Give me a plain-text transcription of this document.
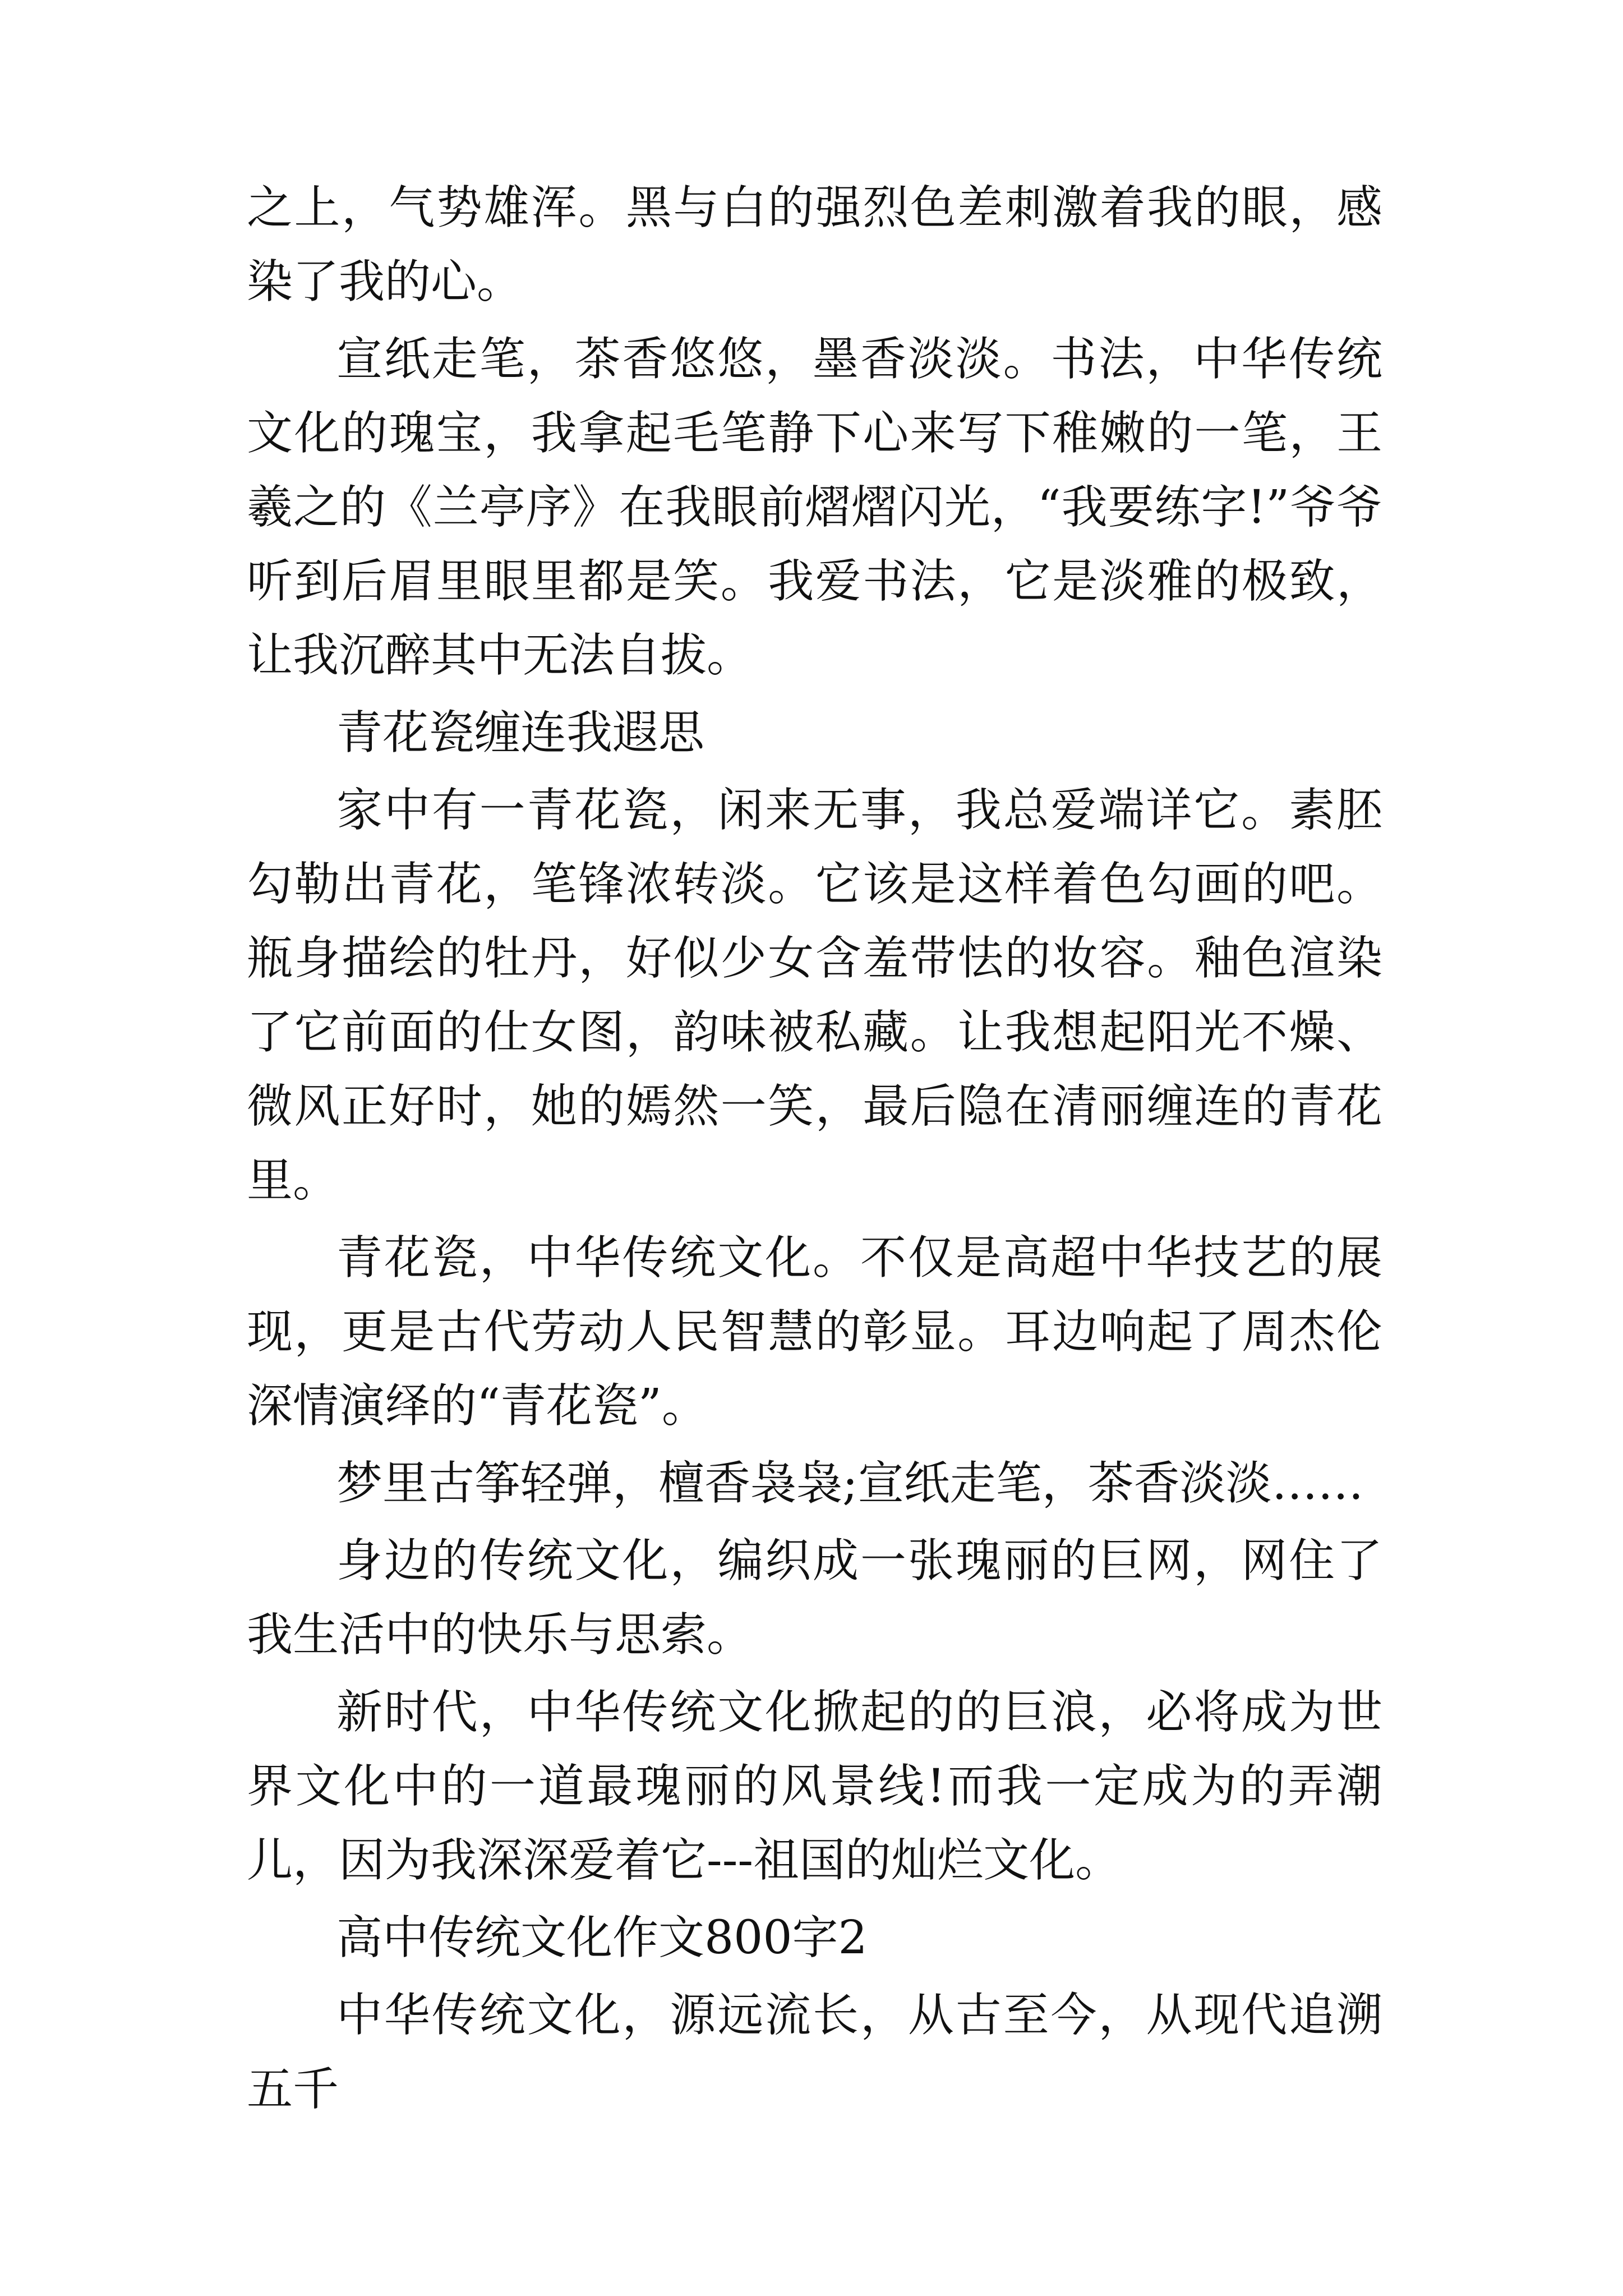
之上，气势雄浑。黑与白的强烈色差刺激着我的眼，感染了我的心。

宣纸走笔，茶香悠悠，墨香淡淡。书法，中华传统文化的瑰宝，我拿起毛笔静下心来写下稚嫩的一笔，王羲之的《兰亭序》在我眼前熠熠闪光，“我要练字!”爷爷听到后眉里眼里都是笑。我爱书法，它是淡雅的极致，让我沉醉其中无法自拔。

青花瓷缠连我遐思

家中有一青花瓷，闲来无事，我总爱端详它。素胚勾勒出青花，笔锋浓转淡。它该是这样着色勾画的吧。瓶身描绘的牡丹，好似少女含羞带怯的妆容。釉色渲染了它前面的仕女图，韵味被私藏。让我想起阳光不燥、微风正好时，她的嫣然一笑，最后隐在清丽缠连的青花里。

青花瓷，中华传统文化。不仅是高超中华技艺的展现，更是古代劳动人民智慧的彰显。耳边响起了周杰伦深情演绎的“青花瓷”。

梦里古筝轻弹，檀香袅袅;宣纸走笔，茶香淡淡……

身边的传统文化，编织成一张瑰丽的巨网，网住了我生活中的快乐与思索。

新时代，中华传统文化掀起的的巨浪，必将成为世界文化中的一道最瑰丽的风景线!而我一定成为的弄潮儿，因为我深深爱着它---祖国的灿烂文化。

高中传统文化作文800字2

中华传统文化，源远流长，从古至今，从现代追溯五千
